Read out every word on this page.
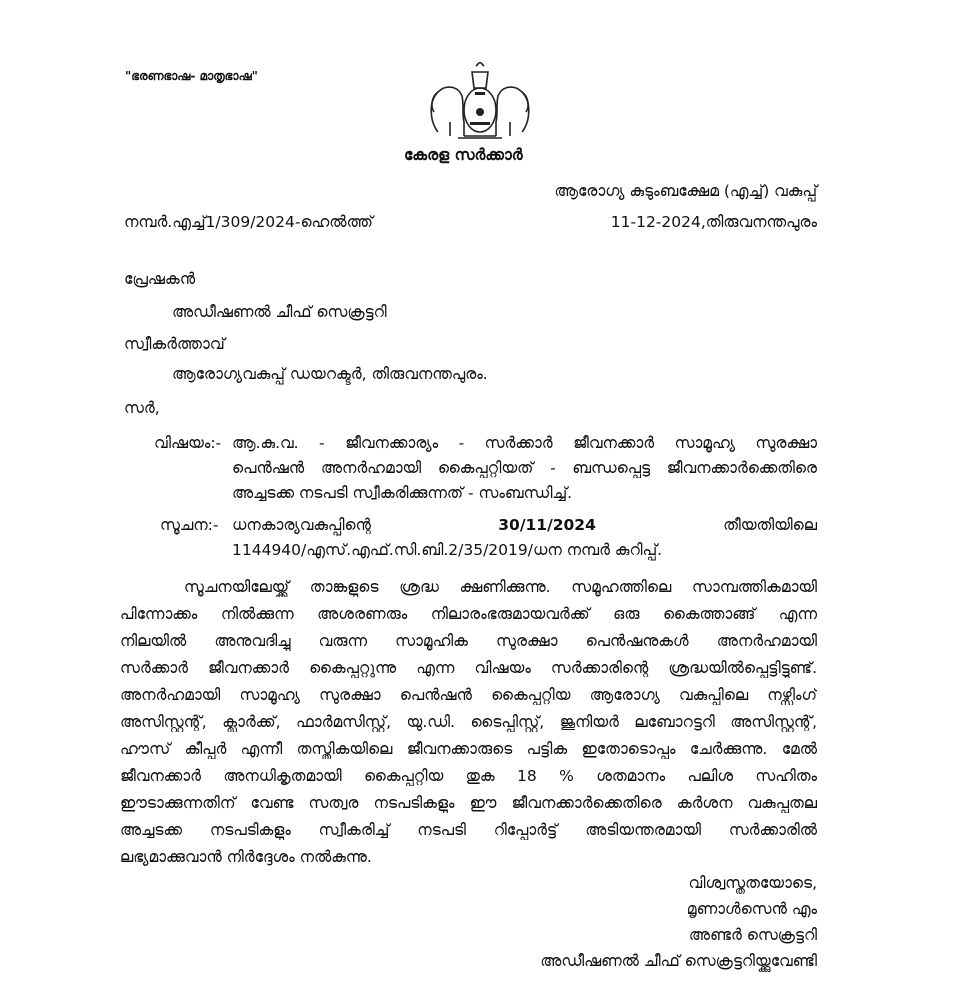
"ഭരണഭാഷ- മാതൃഭാഷ"
കേരള സർക്കാർ
ആരോഗ്യ കുടുംബക്ഷേമ (എച്ച്) വകുപ്പ്
നമ്പർ.എച്ച്1/309/2024-ഹെൽത്ത്	11-12-2024,തിരുവനന്തപുരം
പ്രേഷകൻ
അഡീഷണൽ ചീഫ് സെക്രട്ടറി
സ്വീകർത്താവ്
ആരോഗ്യവകുപ്പ് ഡയറക്ടർ, തിരുവനന്തപുരം.
സർ,
വിഷയം:- ആ.കു.വ. - ജീവനക്കാര്യം - സർക്കാർ ജീവനക്കാർ സാമൂഹ്യ സുരക്ഷാ
പെൻഷൻ അനർഹമായി കൈപ്പറ്റിയത് - ബന്ധപ്പെട്ട ജീവനക്കാർക്കെതിരെ
അച്ചടക്ക നടപടി സ്വീകരിക്കുന്നത് - സംബന്ധിച്ച്.
സൂചന:- ധനകാര്യവകുപ്പിന്റെ	30/11/2024	തീയതിയിലെ
1144940/എസ്.എഫ്.സി.ബി.2/35/2019/ധന നമ്പർ കുറിപ്പ്.
സൂചനയിലേയ്ക്ക് താങ്കളുടെ ശ്രദ്ധ ക്ഷണിക്കുന്നു. സമൂഹത്തിലെ സാമ്പത്തികമായി
പിന്നോക്കം നിൽക്കുന്ന അശരണരും നിലാരംഭരുമായവർക്ക് ഒരു കൈത്താങ്ങ് എന്ന
നിലയിൽ അനുവദിച്ചു വരുന്ന സാമൂഹിക സുരക്ഷാ പെൻഷനുകൾ അനർഹമായി
സർക്കാർ ജീവനക്കാർ കൈപ്പറ്റുന്നു എന്ന വിഷയം സർക്കാരിന്റെ ശ്രദ്ധയിൽപ്പെട്ടിട്ടുണ്ട്.
അനർഹമായി സാമൂഹ്യ സുരക്ഷാ പെൻഷൻ കൈപ്പറ്റിയ ആരോഗ്യ വകുപ്പിലെ നഴ്സിംഗ്
അസിസ്റ്റന്റ്, ക്ലാർക്ക്, ഫാർമസിസ്റ്റ്, യു.ഡി. ടൈപ്പിസ്റ്റ്, ജൂനിയർ ലബോറട്ടറി അസിസ്റ്റന്റ്,
ഹൗസ് കീപ്പർ എന്നീ തസ്തികയിലെ ജീവനക്കാരുടെ പട്ടിക ഇതോടൊപ്പം ചേർക്കുന്നു. മേൽ
ജീവനക്കാർ അനധികൃതമായി കൈപ്പറ്റിയ തുക 18 % ശതമാനം പലിശ സഹിതം
ഈടാക്കുന്നതിന് വേണ്ട സത്വര നടപടികളും ഈ ജീവനക്കാർക്കെതിരെ കർശന വകുപ്പുതല
അച്ചടക്ക നടപടികളും സ്വീകരിച്ച് നടപടി റിപ്പോർട്ട് അടിയന്തരമായി സർക്കാരിൽ
ലഭ്യമാക്കുവാൻ നിർദ്ദേശം നൽകുന്നു.
വിശ്വസ്തതയോടെ,
മൃണാൾസെൻ എം
അണ്ടർ സെക്രട്ടറി
അഡീഷണൽ ചീഫ് സെക്രട്ടറിയ്ക്കുവേണ്ടി
